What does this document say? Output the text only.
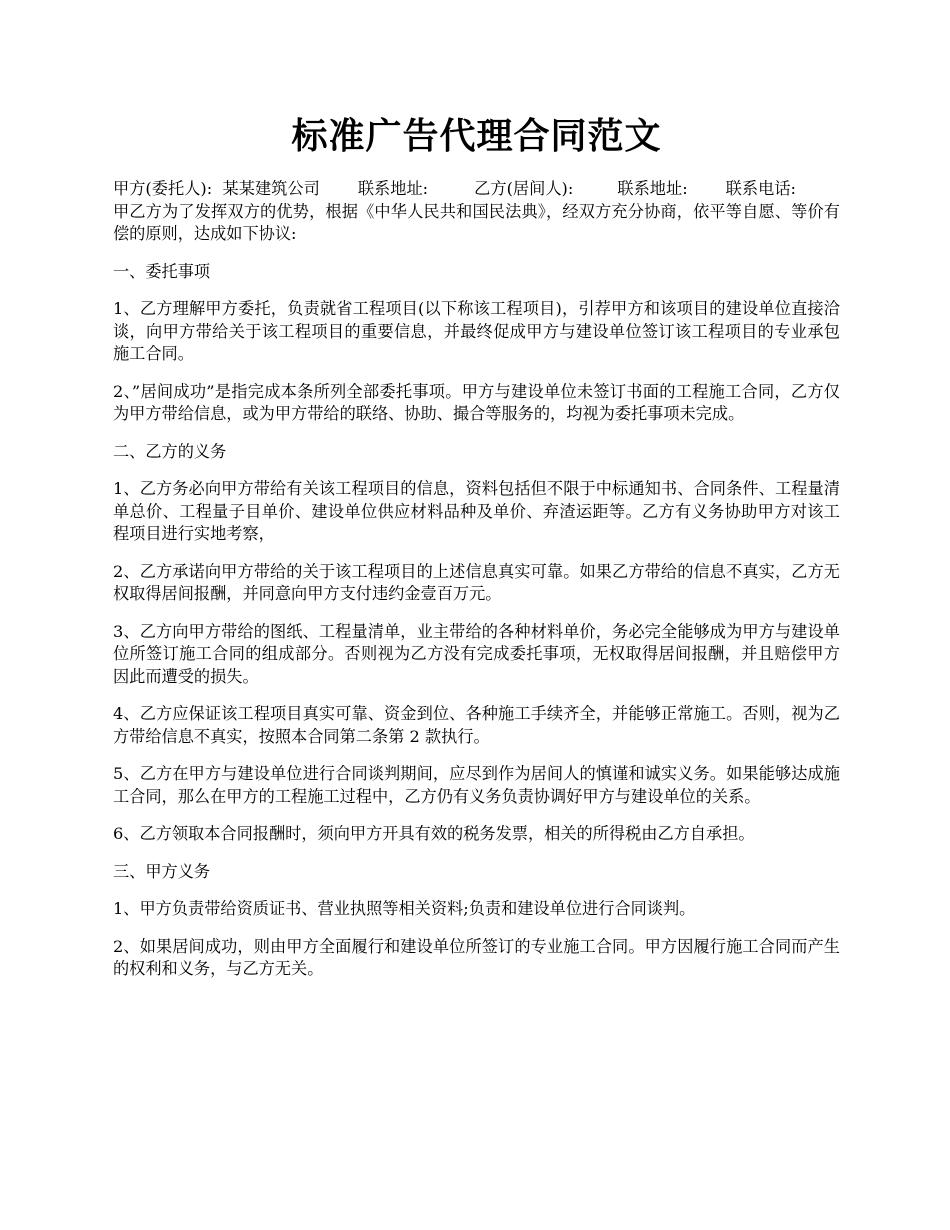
标准广告代理合同范文

甲方(委托人): 某某建筑公司 联系地址:	乙方(居间人):	联系地址: 联系电话:甲乙方为了发挥双方的优势，根据《中华人民共和国民法典》，经双方充分协商，依平等自愿、等价有偿的原则，达成如下协议:

一、委托事项

1、乙方理解甲方委托，负责就省工程项目(以下称该工程项目)，引荐甲方和该项目的建设单位直接洽谈，向甲方带给关于该工程项目的重要信息，并最终促成甲方与建设单位签订该工程项目的专业承包施工合同。

2、”居间成功”是指完成本条所列全部委托事项。甲方与建设单位未签订书面的工程施工合同，乙方仅为甲方带给信息，或为甲方带给的联络、协助、撮合等服务的，均视为委托事项未完成。

二、乙方的义务

1、乙方务必向甲方带给有关该工程项目的信息，资料包括但不限于中标通知书、合同条件、工程量清单总价、工程量子目单价、建设单位供应材料品种及单价、弃渣运距等。乙方有义务协助甲方对该工程项目进行实地考察，

2、乙方承诺向甲方带给的关于该工程项目的上述信息真实可靠。如果乙方带给的信息不真实，乙方无权取得居间报酬，并同意向甲方支付违约金壹百万元。

3、乙方向甲方带给的图纸、工程量清单，业主带给的各种材料单价，务必完全能够成为甲方与建设单位所签订施工合同的组成部分。否则视为乙方没有完成委托事项，无权取得居间报酬，并且赔偿甲方因此而遭受的损失。

4、乙方应保证该工程项目真实可靠、资金到位、各种施工手续齐全，并能够正常施工。否则，视为乙方带给信息不真实，按照本合同第二条第 2 款执行。

5、乙方在甲方与建设单位进行合同谈判期间，应尽到作为居间人的慎谨和诚实义务。如果能够达成施工合同，那么在甲方的工程施工过程中，乙方仍有义务负责协调好甲方与建设单位的关系。

6、乙方领取本合同报酬时，须向甲方开具有效的税务发票，相关的所得税由乙方自承担。

三、甲方义务

1、甲方负责带给资质证书、营业执照等相关资料;负责和建设单位进行合同谈判。

2、如果居间成功，则由甲方全面履行和建设单位所签订的专业施工合同。甲方因履行施工合同而产生的权利和义务，与乙方无关。
